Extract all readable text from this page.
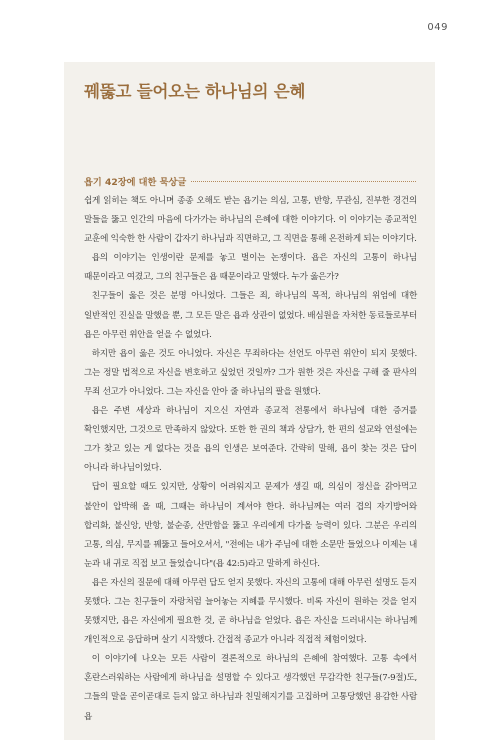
049
꿰뚫고 들어오는 하나님의 은혜
욥기 42장에 대한 묵상글

쉽게 읽히는 책도 아니며 종종 오해도 받는 욥기는 의심, 고통, 반항, 무관심, 진부한 경건의 말들을 뚫고 인간의 마음에 다가가는 하나님의 은혜에 대한 이야기다. 이 이야기는 종교적인 교훈에 익숙한 한 사람이 갑자기 하나님과 직면하고, 그 직면을 통해 온전하게 되는 이야기다.

욥의 이야기는 인생이란 문제를 놓고 벌이는 논쟁이다. 욥은 자신의 고통이 하나님 때문이라고 여겼고, 그의 친구들은 욥 때문이라고 말했다. 누가 옳은가?

친구들이 옳은 것은 분명 아니었다. 그들은 죄, 하나님의 목적, 하나님의 위엄에 대한 일반적인 진실을 말했을 뿐, 그 모든 말은 욥과 상관이 없었다. 배심원을 자처한 동료들로부터 욥은 아무런 위안을 얻을 수 없었다.

하지만 욥이 옳은 것도 아니었다. 자신은 무죄하다는 선언도 아무런 위안이 되지 못했다. 그는 정말 법적으로 자신을 변호하고 싶었던 것일까? 그가 원한 것은 자신을 구해 줄 판사의 무죄 선고가 아니었다. 그는 자신을 안아 줄 하나님의 팔을 원했다.

욥은 주변 세상과 하나님이 지으신 자연과 종교적 전통에서 하나님에 대한 증거를 확인했지만, 그것으로 만족하지 않았다. 또한 한 권의 책과 상담가, 한 편의 설교와 연설에는 그가 찾고 있는 게 없다는 것을 욥의 인생은 보여준다. 간략히 말해, 욥이 찾는 것은 답이 아니라 하나님이었다.

답이 필요할 때도 있지만, 상황이 어려워지고 문제가 생길 때, 의심이 정신을 갉아먹고 불안이 압박해 올 때, 그때는 하나님이 계셔야 한다. 하나님께는 여러 겹의 자기방어와 합리화, 불신앙, 반항, 불순종, 산만함을 뚫고 우리에게 다가올 능력이 있다. 그분은 우리의 고통, 의심, 무지를 꿰뚫고 들어오셔서, "전에는 내가 주님에 대한 소문만 들었으나 이제는 내 눈과 내 귀로 직접 보고 들었습니다"(욥 42:5)라고 말하게 하신다.

욥은 자신의 질문에 대해 아무런 답도 얻지 못했다. 자신의 고통에 대해 아무런 설명도 듣지 못했다. 그는 친구들이 자랑처럼 늘어놓는 지혜를 무시했다. 비록 자신이 원하는 것을 얻지 못했지만, 욥은 자신에게 필요한 것, 곧 하나님을 얻었다. 욥은 자신을 드러내시는 하나님께 개인적으로 응답하며 살기 시작했다. 간접적 종교가 아니라 직접적 체험이었다.

이 이야기에 나오는 모든 사람이 결론적으로 하나님의 은혜에 참여했다. 고통 속에서 혼란스러워하는 사람에게 하나님을 설명할 수 있다고 생각했던 무감각한 친구들(7-9절)도, 그들의 말을 곧이곧대로 듣지 않고 하나님과 친밀해지기를 고집하며 고통당했던 용감한 사람 욥
